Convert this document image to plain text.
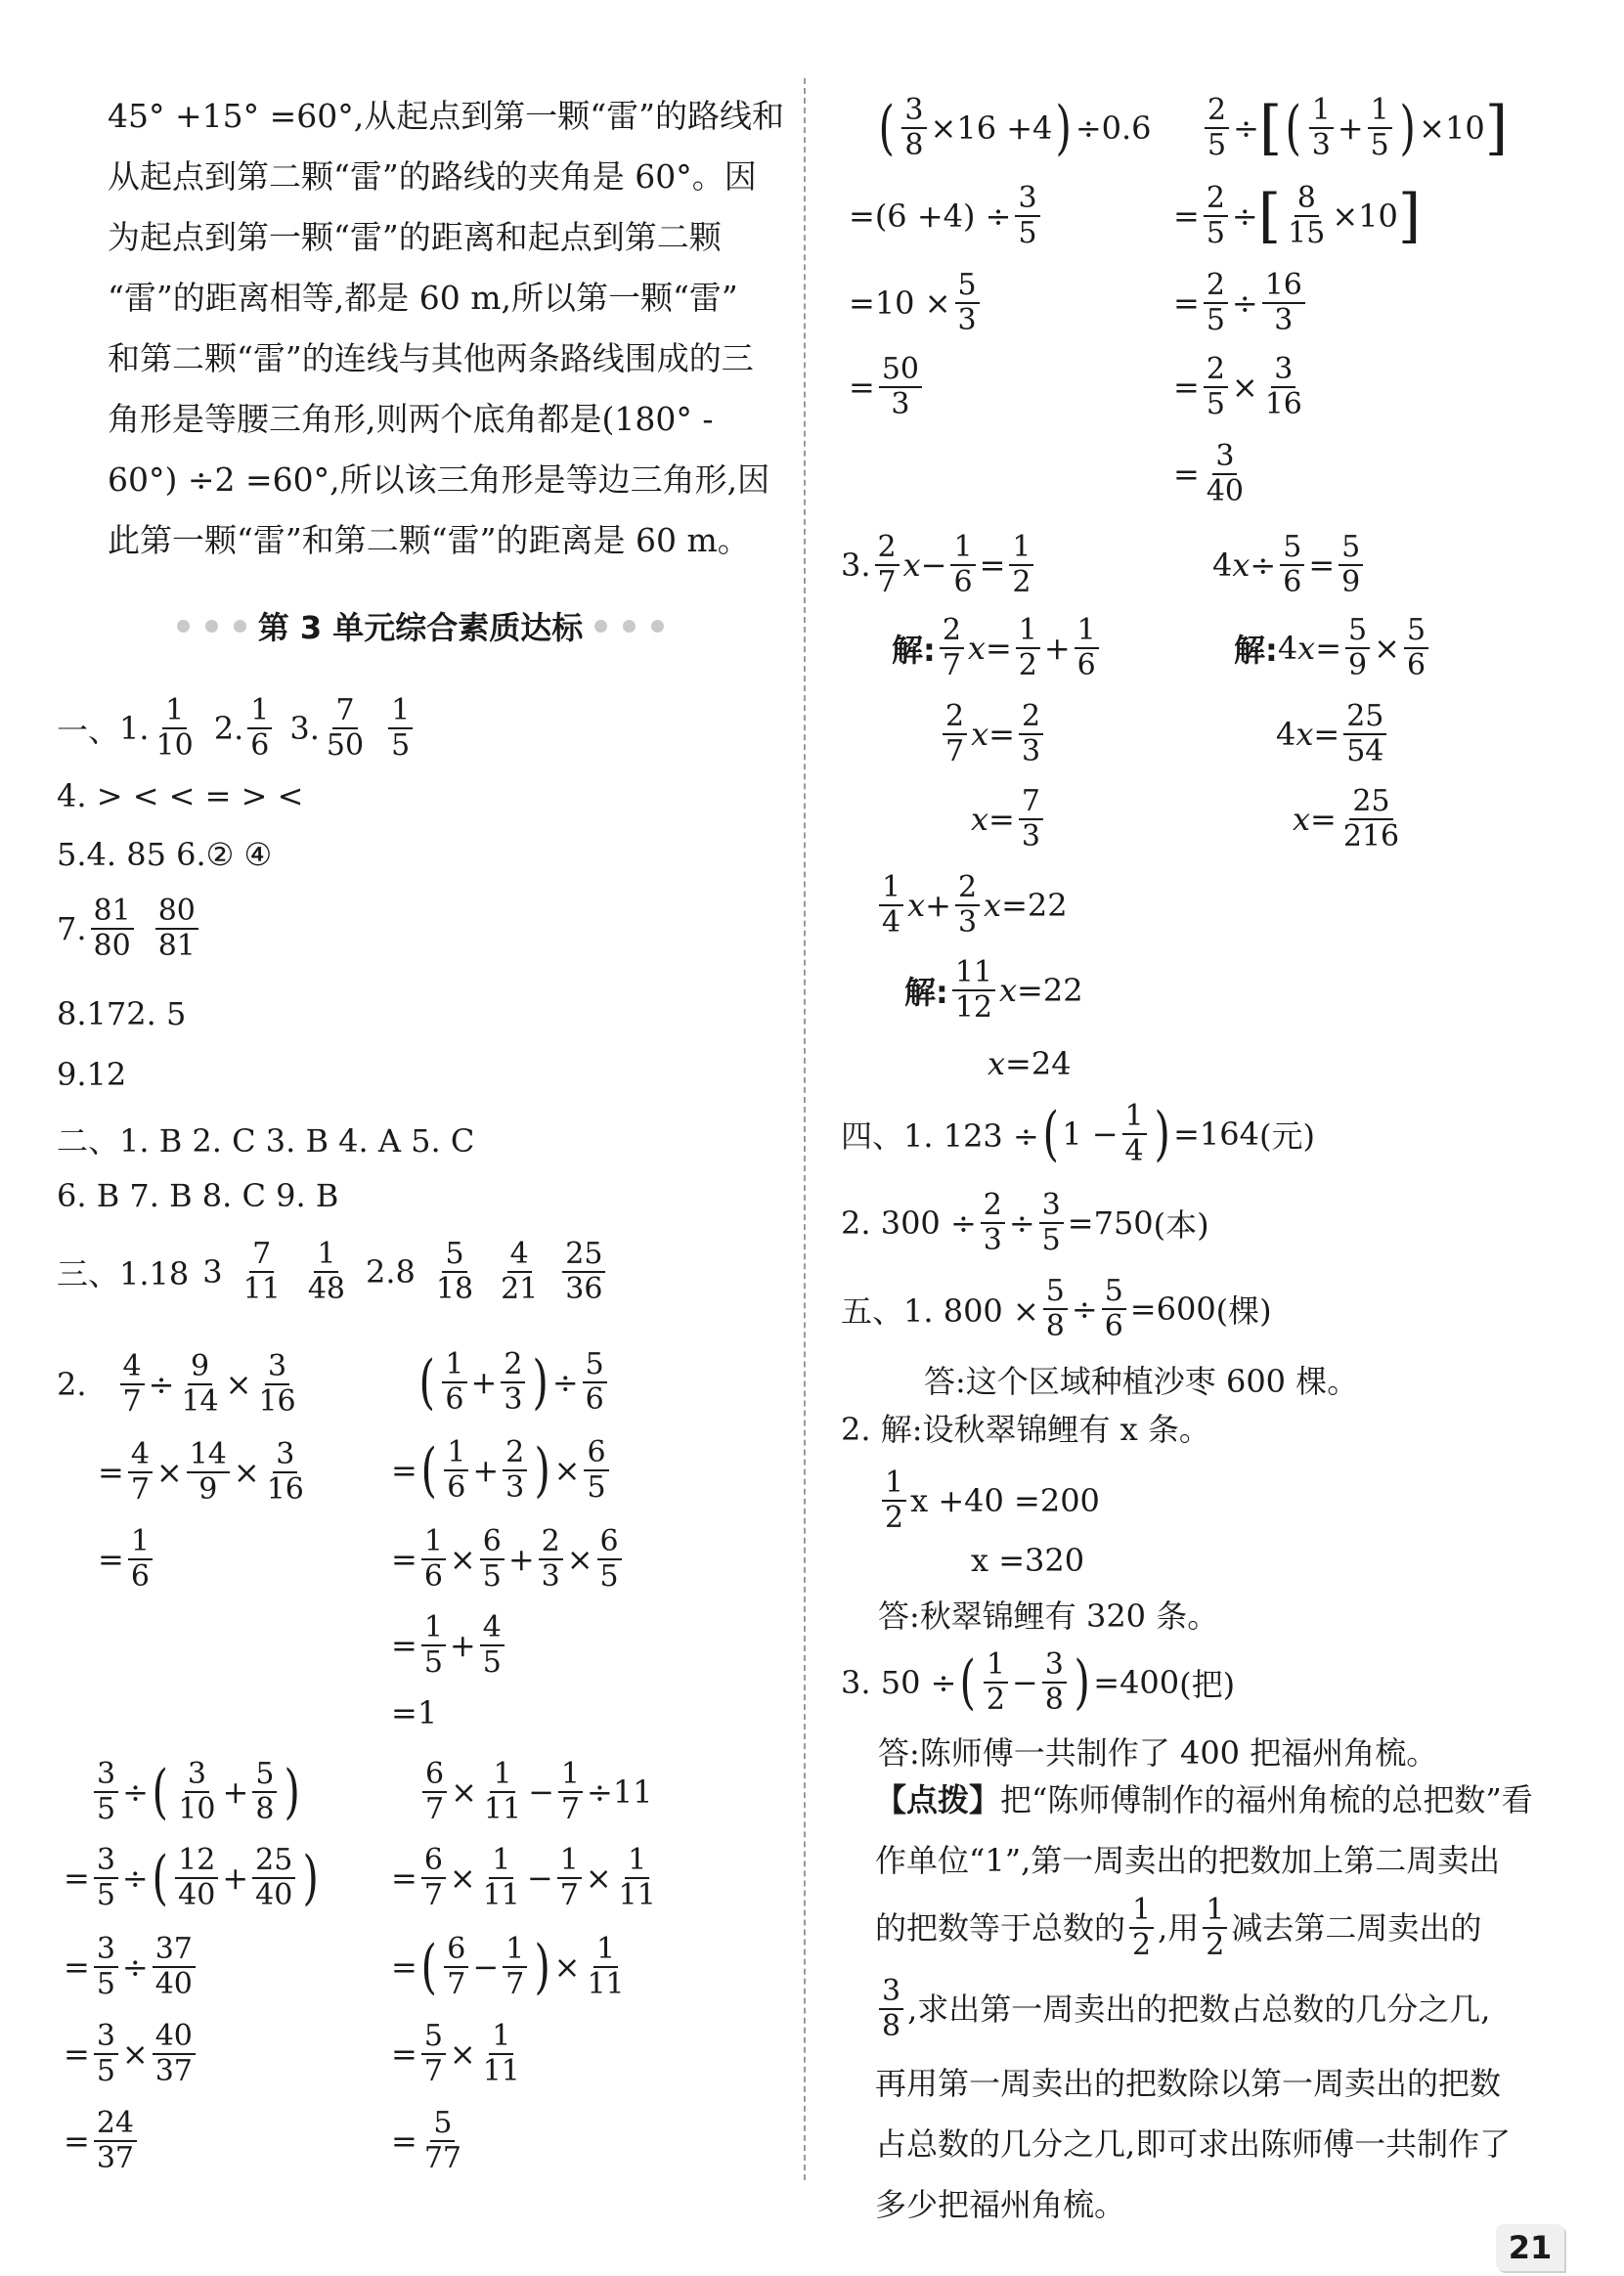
45° +15° =60°,从起点到第一颗“雷”的路线和
从起点到第二颗“雷”的路线的夹角是 60°。因
为起点到第一颗“雷”的距离和起点到第二颗
“雷”的距离相等,都是 60 m,所以第一颗“雷”
和第二颗“雷”的连线与其他两条路线围成的三
角形是等腰三角形,则两个底角都是(180° -
60°) ÷2 =60°,所以该三角形是等边三角形,因
此第一颗“雷”和第二颗“雷”的距离是 60 m。
第 3 单元综合素质达标
一、 1. $\frac{1}{10} 2$. $\frac{1}{6} 3$. $\frac{7}{50} \frac{1}{5}$
4. > < < = > <
5.4. 85 6.② ④
7. $\frac{81}{80} \frac{80}{81}$
8.172. 5
9.12
二、1. B 2. C 3. B 4. A 5. C
6. B 7. B 8. C 9. B
三、1.18 $3 \frac{7}{11} \frac{1}{48} 2.8 \frac{5}{18} \frac{4}{21} \frac{25}{36}$
2. $\frac{4}{7} \div \frac{9}{14} \times \frac{3}{16}$
= $\frac{4}{7} \times \frac{14}{9} \times \frac{3}{16}$
= $\frac{1}{6}$
( $\frac{1}{6} + \frac{2}{3}$ ) ÷ $\frac{5}{6}$
= ( $\frac{1}{6} + \frac{2}{3}$ ) × $\frac{6}{5}$
= $\frac{1}{6} \times \frac{6}{5} + \frac{2}{3} \times \frac{6}{5}$
= $\frac{1}{5} + \frac{4}{5}$
=1
$\frac{3}{5}$ ÷ ( $\frac{3}{10} + \frac{5}{8}$ )
= $\frac{3}{5}$ ÷ ( $\frac{12}{40} + \frac{25}{40}$ )
= $\frac{3}{5} \div \frac{37}{40}$
= $\frac{3}{5} \times \frac{40}{37}$
= $\frac{24}{37}$
$\frac{6}{7} \times \frac{1}{11} - \frac{1}{7} \div 11$
= $\frac{6}{7} \times \frac{1}{11} - \frac{1}{7} \times \frac{1}{11}$
= ( $\frac{6}{7} - \frac{1}{7}$ ) × $\frac{1}{11}$
= $\frac{5}{7} \times \frac{1}{11}$
= $\frac{5}{77}$
( $\frac{3}{8} \times 16 +4$ ) ÷0.6
$=(6 +4) \div \frac{3}{5}$
$=10 \times \frac{5}{3}$
= $\frac{50}{3}$
$\frac{2}{5}$ ÷ [ ( $\frac{1}{3} + \frac{1}{5}$ ) ×10 ]
= $\frac{2}{5}$ ÷ [ $\frac{8}{15} \times 10$ ]
= $\frac{2}{5} \div \frac{16}{3}$
= $\frac{2}{5} \times \frac{3}{16}$
= $\frac{3}{40}$
3. $\frac{2}{7}$ $x - \frac{1}{6} = \frac{1}{2}$
解: $\frac{2}{7}$ $x = \frac{1}{2} + \frac{1}{6}$
$\frac{2}{7}$ $x = \frac{2}{3}$
$x = \frac{7}{3}$
4 $x \div \frac{5}{6} = \frac{5}{9}$
解: 4 $x = \frac{5}{9} \times \frac{5}{6}$
4 $x = \frac{25}{54}$
$x = \frac{25}{216}$
$\frac{1}{4}$ $x + \frac{2}{3}$ x =22
解: $\frac{11}{12}$ x =22
x =24
四、1. 123 ÷ ( $1 - \frac{1}{4}$ ) =164 (元)
2. $300 \div \frac{2}{3} \div \frac{3}{5} =750$ (本)
五、1. $800 \times \frac{5}{8} \div \frac{5}{6} =600$ (棵)
答:这个区域种植沙枣 600 棵。
2. 解:设秋翠锦鲤有 x 条。
$\frac{1}{2}$ x +40 =200
x =320
答:秋翠锦鲤有 320 条。
3. 50 ÷ ( $\frac{1}{2} - \frac{3}{8}$ ) =400 (把)
答:陈师傅一共制作了 400 把福州角梳。
【点拨】把“陈师傅制作的福州角梳的总把数”看
作单位“1”,第一周卖出的把数加上第二周卖出
的把数等于总数的 $\frac{1}{2}$ ,用 $\frac{1}{2}$ 减去第二周卖出的
$\frac{3}{8}$ ,求出第一周卖出的把数占总数的几分之几,
再用第一周卖出的把数除以第一周卖出的把数
占总数的几分之几,即可求出陈师傅一共制作了
多少把福州角梳。
21
